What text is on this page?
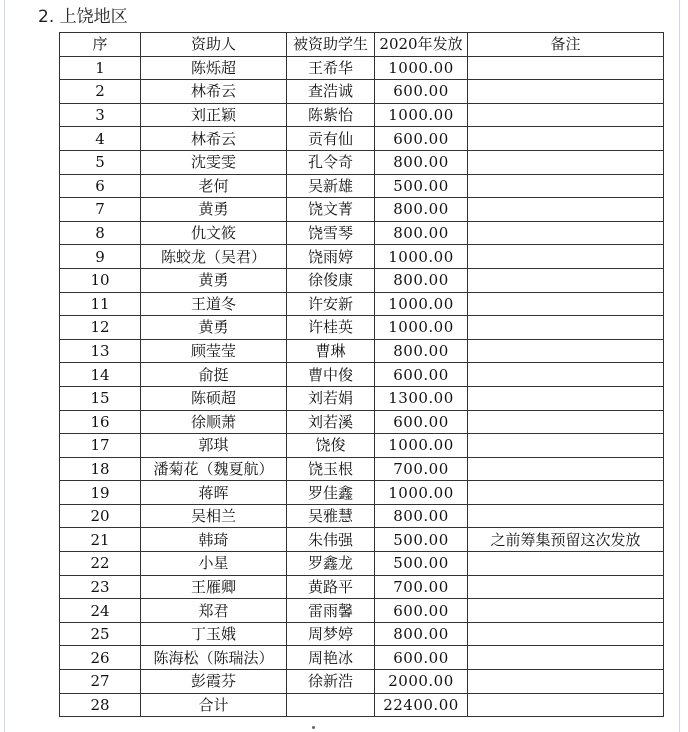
2. 上饶地区
序	资助人	被资助学生	2020年发放	备注
1	陈烁超	王希华	1000.00	
2	林希云	查浩诚	600.00	
3	刘正颖	陈紫怡	1000.00	
4	林希云	贡有仙	600.00	
5	沈雯雯	孔令奇	800.00	
6	老何	吴新雄	500.00	
7	黄勇	饶文菁	800.00	
8	仇文筱	饶雪琴	800.00	
9	陈蛟龙（吴君）	饶雨婷	1000.00	
10	黄勇	徐俊康	800.00	
11	王道冬	许安新	1000.00	
12	黄勇	许桂英	1000.00	
13	顾莹莹	曹琳	800.00	
14	俞挺	曹中俊	600.00	
15	陈硕超	刘若娟	1300.00	
16	徐顺萧	刘若溪	600.00	
17	郭琪	饶俊	1000.00	
18	潘菊花（魏夏航）	饶玉根	700.00	
19	蒋晖	罗佳鑫	1000.00	
20	吴相兰	吴雅慧	800.00	
21	韩琦	朱伟强	500.00	之前筹集预留这次发放
22	小星	罗鑫龙	500.00	
23	王雁卿	黄路平	700.00	
24	郑君	雷雨馨	600.00	
25	丁玉娥	周梦婷	800.00	
26	陈海松（陈瑞法）	周艳冰	600.00	
27	彭霞芬	徐新浩	2000.00	
28	合计		22400.00	
